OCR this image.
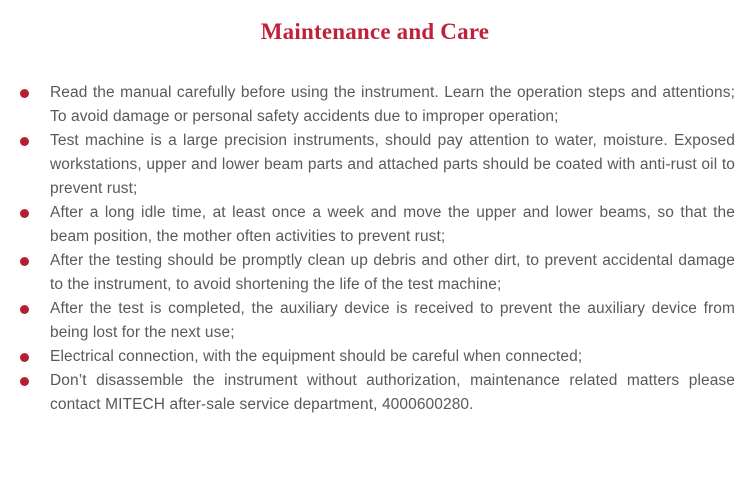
Maintenance and Care
Read the manual carefully before using the instrument. Learn the operation steps and attentions; To avoid damage or personal safety accidents due to improper operation;
Test machine is a large precision instruments, should pay attention to water, moisture. Exposed workstations, upper and lower beam parts and attached parts should be coated with anti-rust oil to prevent rust;
After a long idle time, at least once a week and move the upper and lower beams, so that the beam position, the mother often activities to prevent rust;
After the testing should be promptly clean up debris and other dirt, to prevent accidental damage to the instrument, to avoid shortening the life of the test machine;
After the test is completed, the auxiliary device is received to prevent the auxiliary device from being lost for the next use;
Electrical connection, with the equipment should be careful when connected;
Don’t disassemble the instrument without authorization, maintenance related matters please contact MITECH after-sale service department, 4000600280.
